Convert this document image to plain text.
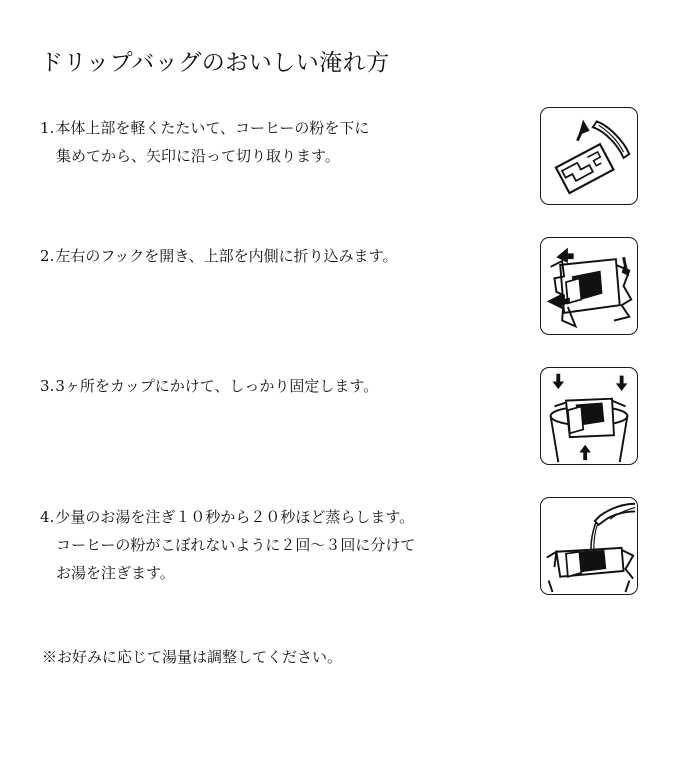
ドリップバッグのおいしい淹れ方
1.本体上部を軽くたたいて、コーヒーの粉を下に
集めてから、矢印に沿って切り取ります。
2.左右のフックを開き、上部を内側に折り込みます。
3.3ヶ所をカップにかけて、しっかり固定します。
4.少量のお湯を注ぎ１０秒から２０秒ほど蒸らします。
コーヒーの粉がこぼれないように２回〜３回に分けて
お湯を注ぎます。
※お好みに応じて湯量は調整してください。
